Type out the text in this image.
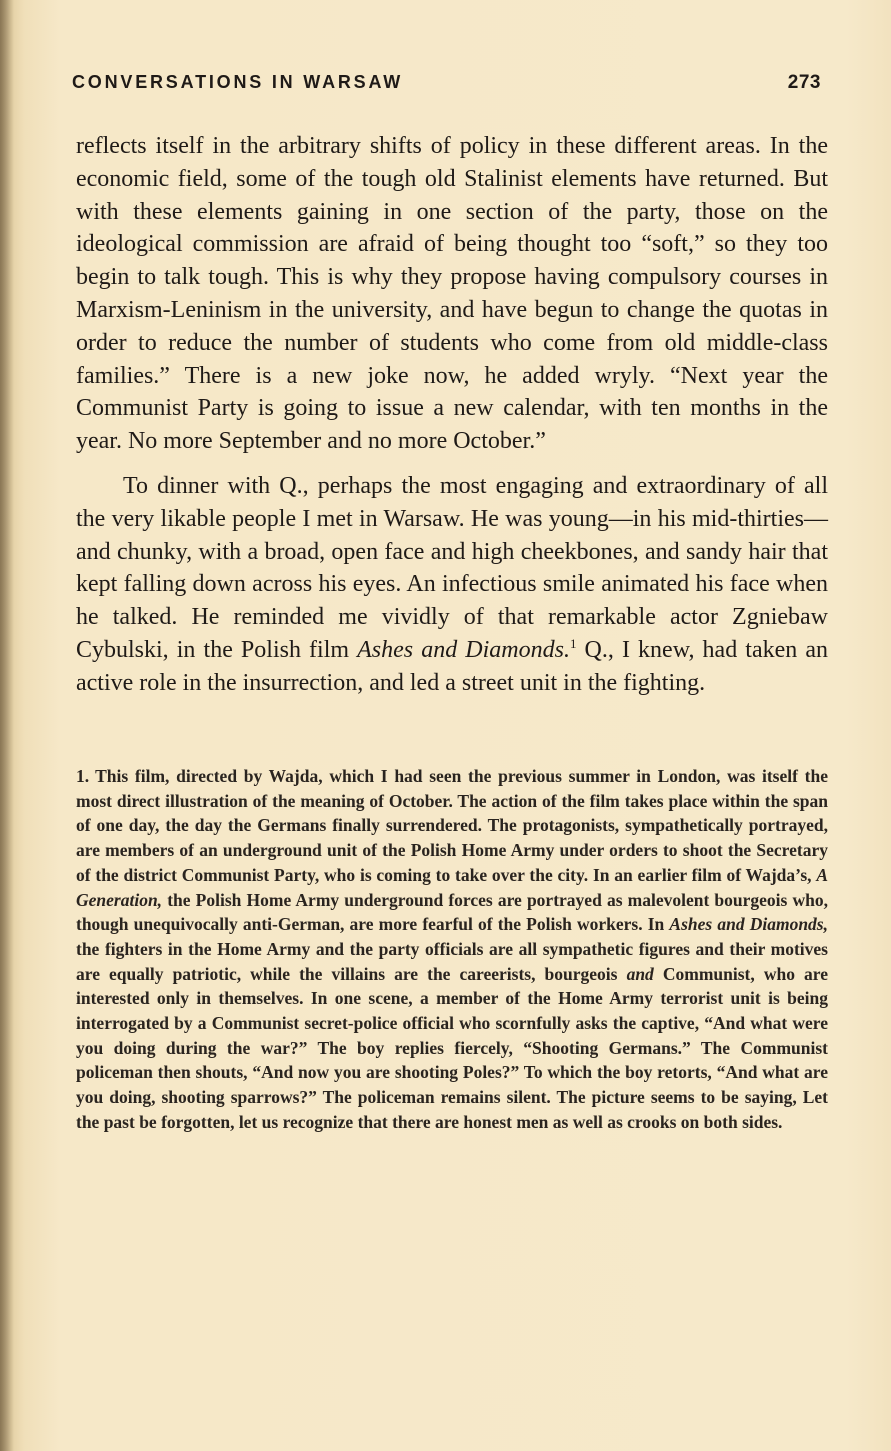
CONVERSATIONS IN WARSAW	273

reflects itself in the arbitrary shifts of policy in these different areas. In the economic field, some of the tough old Stalinist elements have returned. But with these elements gaining in one section of the party, those on the ideological commission are afraid of being thought too “soft,” so they too begin to talk tough. This is why they propose having compulsory courses in Marxism-Leninism in the university, and have begun to change the quotas in order to reduce the number of students who come from old middle-class families.” There is a new joke now, he added wryly. “Next year the Communist Party is going to issue a new calendar, with ten months in the year. No more September and no more October.”

To dinner with Q., perhaps the most engaging and extraordinary of all the very likable people I met in Warsaw. He was young—in his mid-thirties—and chunky, with a broad, open face and high cheekbones, and sandy hair that kept falling down across his eyes. An infectious smile animated his face when he talked. He reminded me vividly of that remarkable actor Zgniebaw Cybulski, in the Polish film Ashes and Diamonds.$^1$ Q., I knew, had taken an active role in the insurrection, and led a street unit in the fighting.

1. This film, directed by Wajda, which I had seen the previous summer in London, was itself the most direct illustration of the meaning of October. The action of the film takes place within the span of one day, the day the Germans finally surrendered. The protagonists, sympathetically portrayed, are members of an underground unit of the Polish Home Army under orders to shoot the Secretary of the district Communist Party, who is coming to take over the city. In an earlier film of Wajda’s, A Generation, the Polish Home Army underground forces are portrayed as malevolent bourgeois who, though unequivocally anti-German, are more fearful of the Polish workers. In Ashes and Diamonds, the fighters in the Home Army and the party officials are all sympathetic figures and their motives are equally patriotic, while the villains are the careerists, bourgeois and Communist, who are interested only in themselves. In one scene, a member of the Home Army terrorist unit is being interrogated by a Communist secret-police official who scornfully asks the captive, “And what were you doing during the war?” The boy replies fiercely, “Shooting Germans.” The Communist policeman then shouts, “And now you are shooting Poles?” To which the boy retorts, “And what are you doing, shooting sparrows?” The policeman remains silent. The picture seems to be saying, Let the past be forgotten, let us recognize that there are honest men as well as crooks on both sides.
